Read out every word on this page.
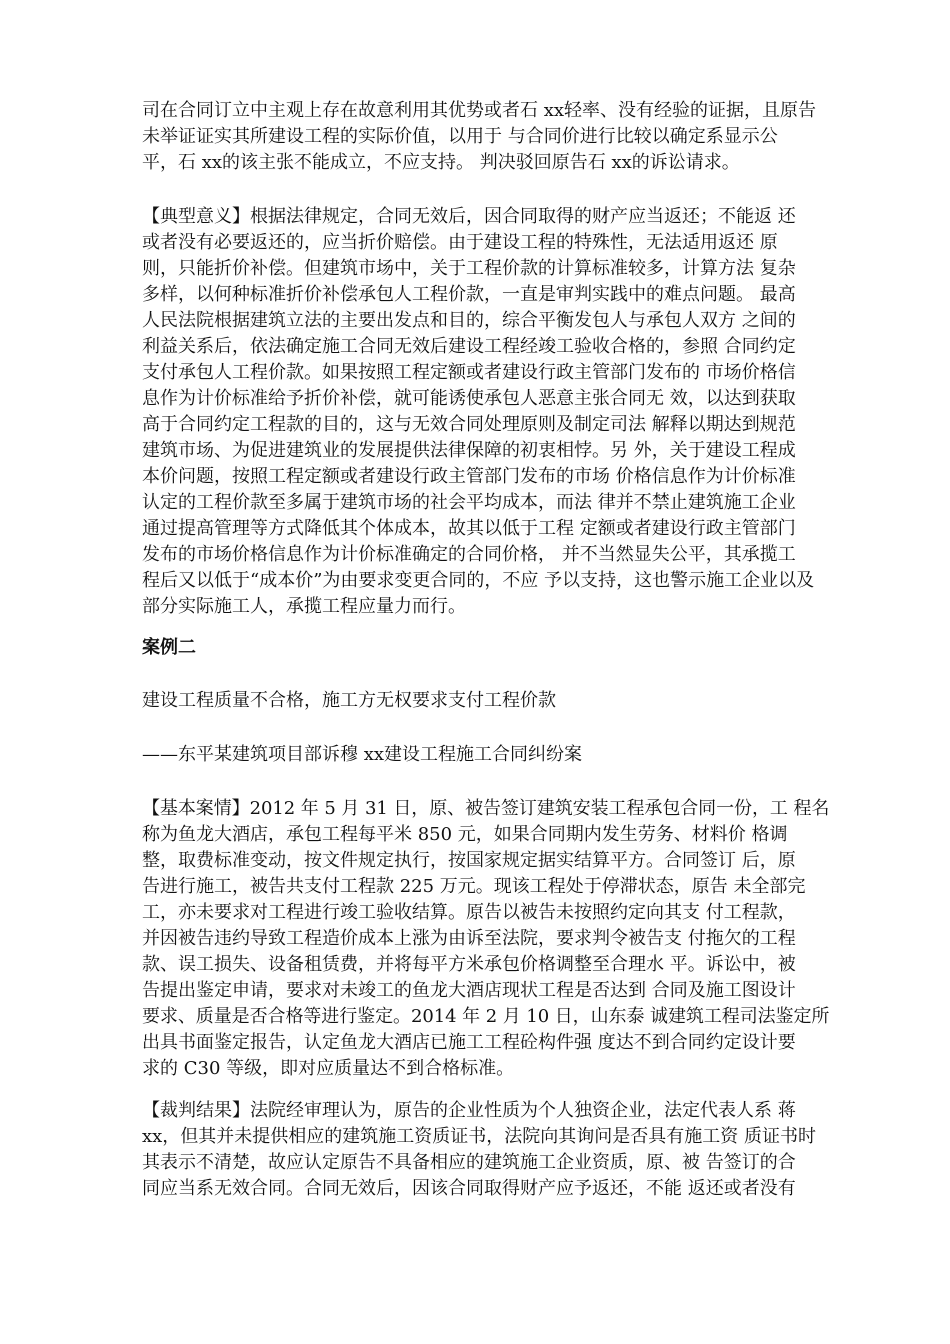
司在合同订立中主观上存在故意利用其优势或者石 xx轻率、没有经验的证据，且原告
未举证证实其所建设工程的实际价值，以用于 与合同价进行比较以确定系显示公
平，石 xx的该主张不能成立，不应支持。 判决驳回原告石 xx的诉讼请求。
【典型意义】根据法律规定，合同无效后，因合同取得的财产应当返还；不能返 还
或者没有必要返还的，应当折价赔偿。由于建设工程的特殊性，无法适用返还 原
则，只能折价补偿。但建筑市场中，关于工程价款的计算标准较多，计算方法 复杂
多样，以何种标准折价补偿承包人工程价款，一直是审判实践中的难点问题。 最高
人民法院根据建筑立法的主要出发点和目的，综合平衡发包人与承包人双方 之间的
利益关系后，依法确定施工合同无效后建设工程经竣工验收合格的，参照 合同约定
支付承包人工程价款。如果按照工程定额或者建设行政主管部门发布的 市场价格信
息作为计价标准给予折价补偿，就可能诱使承包人恶意主张合同无 效，以达到获取
高于合同约定工程款的目的，这与无效合同处理原则及制定司法 解释以期达到规范
建筑市场、为促进建筑业的发展提供法律保障的初衷相悖。另 外，关于建设工程成
本价问题，按照工程定额或者建设行政主管部门发布的市场 价格信息作为计价标准
认定的工程价款至多属于建筑市场的社会平均成本，而法 律并不禁止建筑施工企业
通过提高管理等方式降低其个体成本，故其以低于工程 定额或者建设行政主管部门
发布的市场价格信息作为计价标准确定的合同价格， 并不当然显失公平，其承揽工
程后又以低于“成本价”为由要求变更合同的，不应 予以支持，这也警示施工企业以及
部分实际施工人，承揽工程应量力而行。
案例二
建设工程质量不合格，施工方无权要求支付工程价款
——东平某建筑项目部诉穆 xx建设工程施工合同纠纷案
【基本案情】2012 年 5 月 31 日，原、被告签订建筑安装工程承包合同一份，工 程名
称为鱼龙大酒店，承包工程每平米 850 元，如果合同期内发生劳务、材料价 格调
整，取费标准变动，按文件规定执行，按国家规定据实结算平方。合同签订 后，原
告进行施工，被告共支付工程款 225 万元。现该工程处于停滞状态，原告 未全部完
工，亦未要求对工程进行竣工验收结算。原告以被告未按照约定向其支 付工程款，
并因被告违约导致工程造价成本上涨为由诉至法院，要求判令被告支 付拖欠的工程
款、误工损失、设备租赁费，并将每平方米承包价格调整至合理水 平。诉讼中，被
告提出鉴定申请，要求对未竣工的鱼龙大酒店现状工程是否达到 合同及施工图设计
要求、质量是否合格等进行鉴定。2014 年 2 月 10 日，山东泰 诚建筑工程司法鉴定所
出具书面鉴定报告，认定鱼龙大酒店已施工工程砼构件强 度达不到合同约定设计要
求的 C30 等级，即对应质量达不到合格标准。
【裁判结果】法院经审理认为，原告的企业性质为个人独资企业，法定代表人系 蒋
xx，但其并未提供相应的建筑施工资质证书，法院向其询问是否具有施工资 质证书时
其表示不清楚，故应认定原告不具备相应的建筑施工企业资质，原、被 告签订的合
同应当系无效合同。合同无效后，因该合同取得财产应予返还，不能 返还或者没有
